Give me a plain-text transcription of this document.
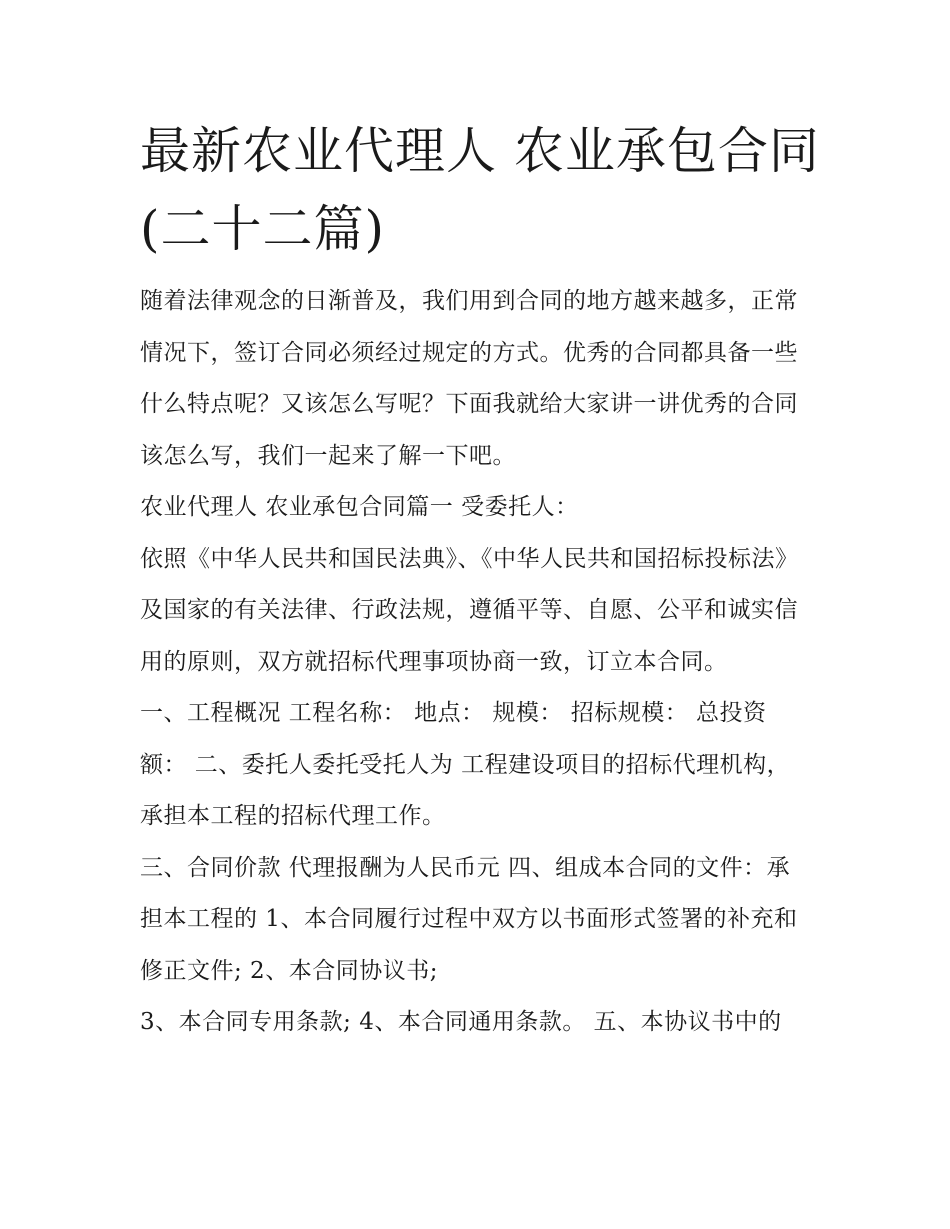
最新农业代理人 农业承包合同(二十二篇)

随着法律观念的日渐普及，我们用到合同的地方越来越多，正常情况下，签订合同必须经过规定的方式。优秀的合同都具备一些什么特点呢？又该怎么写呢？下面我就给大家讲一讲优秀的合同该怎么写，我们一起来了解一下吧。

农业代理人 农业承包合同篇一 受委托人：

依照《中华人民共和国民法典》、《中华人民共和国招标投标法》及国家的有关法律、行政法规，遵循平等、自愿、公平和诚实信用的原则，双方就招标代理事项协商一致，订立本合同。

一、工程概况 工程名称： 地点： 规模： 招标规模： 总投资额： 二、委托人委托受托人为 工程建设项目的招标代理机构，承担本工程的招标代理工作。

三、合同价款 代理报酬为人民币元 四、组成本合同的文件：承担本工程的 1、本合同履行过程中双方以书面形式签署的补充和修正文件; 2、本合同协议书;

3、本合同专用条款; 4、本合同通用条款。 五、本协议书中的
